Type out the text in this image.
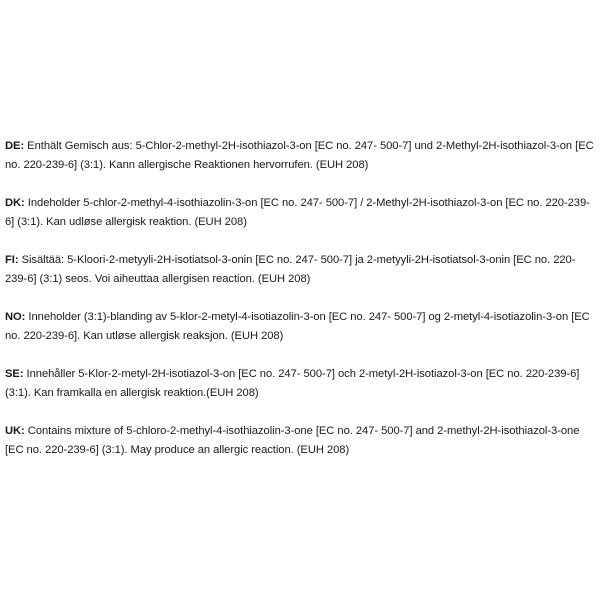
DE: Enthält Gemisch aus: 5-Chlor-2-methyl-2H-isothiazol-3-on [EC no. 247- 500-7] und 2-Methyl-2H-isothiazol-3-on [EC no. 220-239-6] (3:1). Kann allergische Reaktionen hervorrufen. (EUH 208)

DK: Indeholder 5-chlor-2-methyl-4-isothiazolin-3-on [EC no. 247- 500-7] / 2-Methyl-2H-isothiazol-3-on [EC no. 220-239-6] (3:1). Kan udløse allergisk reaktion. (EUH 208)

FI: Sisältää: 5-Kloori-2-metyyli-2H-isotiatsol-3-onin [EC no. 247- 500-7] ja 2-metyyli-2H-isotiatsol-3-onin [EC no. 220-239-6] (3:1) seos. Voi aiheuttaa allergisen reaction. (EUH 208)

NO: Inneholder (3:1)-blanding av 5-klor-2-metyl-4-isotiazolin-3-on [EC no. 247- 500-7] og 2-metyl-4-isotiazolin-3-on [EC no. 220-239-6]. Kan utløse allergisk reaksjon. (EUH 208)

SE: Innehåller 5-Klor-2-metyl-2H-isotiazol-3-on [EC no. 247- 500-7] och 2-metyl-2H-isotiazol-3-on [EC no. 220-239-6] (3:1). Kan framkalla en allergisk reaktion.(EUH 208)

UK: Contains mixture of 5-chloro-2-methyl-4-isothiazolin-3-one [EC no. 247- 500-7] and 2-methyl-2H-isothiazol-3-one [EC no. 220-239-6] (3:1). May produce an allergic reaction. (EUH 208)
